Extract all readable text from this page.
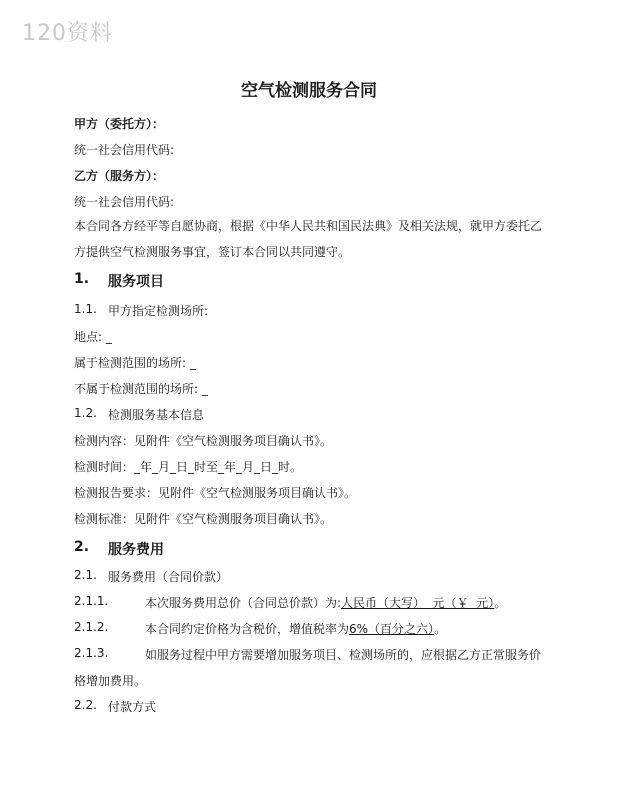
120资料
空气检测服务合同
甲方（委托方）：
统一社会信用代码:
乙方（服务方）：
统一社会信用代码:
本合同各方经平等自愿协商，根据《中华人民共和国民法典》及相关法规，就甲方委托乙方提供空气检测服务事宜，签订本合同以共同遵守。
1. 服务项目
1.1. 甲方指定检测场所:
地点: _
属于检测范围的场所: _
不属于检测范围的场所: _
1.2. 检测服务基本信息
检测内容：见附件《空气检测服务项目确认书》。
检测时间：_年_月_日_时至_年_月_日_时。
检测报告要求：见附件《空气检测服务项目确认书》。
检测标准：见附件《空气检测服务项目确认书》。
2. 服务费用
2.1. 服务费用（合同价款）
2.1.1.	本次服务费用总价（合同总价款）为:人民币（大写）  元（￥  元）。
2.1.2.	本合同约定价格为含税价，增值税率为6%（百分之六）。
2.1.3.	如服务过程中甲方需要增加服务项目、检测场所的，应根据乙方正常服务价
格增加费用。
2.2. 付款方式
